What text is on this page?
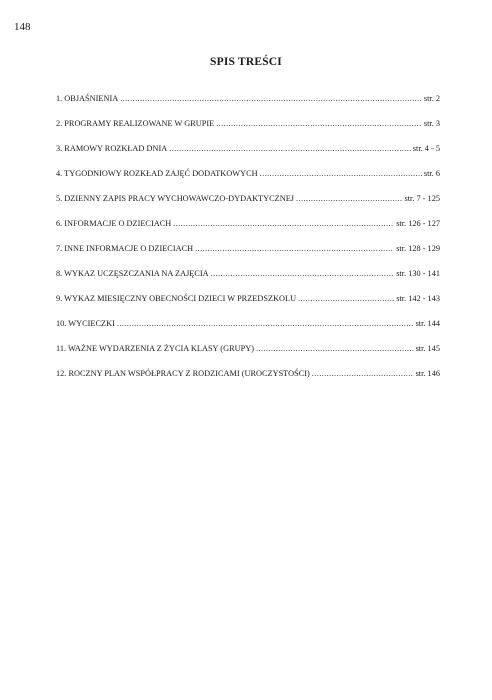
148
SPIS TREŚCI
1. OBJAŚNIENIA .....	str. 2
2. PROGRAMY REALIZOWANE W GRUPIE .....	str. 3
3. RAMOWY ROZKŁAD DNIA .....	str. 4 - 5
4. TYGODNIOWY ROZKŁAD ZAJĘĆ DODATKOWYCH .....	str. 6
5. DZIENNY ZAPIS PRACY WYCHOWAWCZO-DYDAKTYCZNEJ .....	str. 7 - 125
6. INFORMACJE O DZIECIACH .....	str. 126 - 127
7. INNE INFORMACJE O DZIECIACH .....	str. 128 - 129
8. WYKAZ UCZĘSZCZANIA NA ZAJĘCIA .....	str. 130 - 141
9. WYKAZ MIESIĘCZNY OBECNOŚCI DZIECI W PRZEDSZKOLU .....	str. 142 - 143
10. WYCIECZKI .....	str. 144
11. WAŻNE WYDARZENIA Z ŻYCIA KLASY (GRUPY) .....	str. 145
12. ROCZNY PLAN WSPÓŁPRACY Z RODZICAMI (UROCZYSTOŚCI) .....	str. 146
